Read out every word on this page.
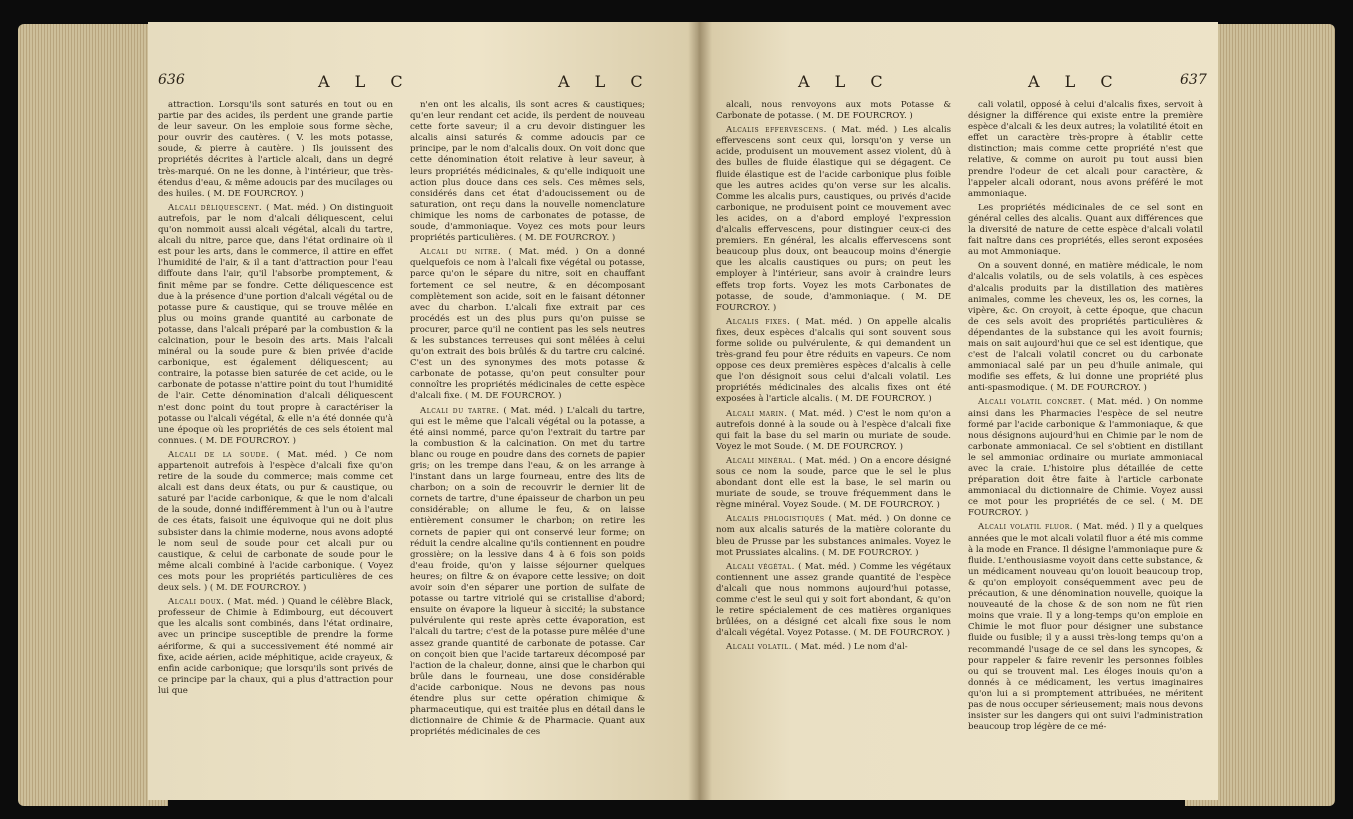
636	A L C	A L C

attraction. Lorsqu'ils sont saturés en tout ou en partie par des acides, ils perdent une grande partie de leur saveur. On les emploie sous forme sèche, pour ouvrir des cautères. ( V. les mots potasse, soude, & pierre à cautère. ) Ils jouissent des propriétés décrites à l'article alcali, dans un degré très-marqué. On ne les donne, à l'intérieur, que très-étendus d'eau, & même adoucis par des mucilages ou des huiles. ( M. DE FOURCROY. )

Alcali déliquescent. ( Mat. méd. ) On distinguoit autrefois, par le nom d'alcali déliquescent, celui qu'on nommoit aussi alcali végétal, alcali du tartre, alcali du nitre, parce que, dans l'état ordinaire où il est pour les arts, dans le commerce, il attire en effet l'humidité de l'air, & il a tant d'attraction pour l'eau diffoute dans l'air, qu'il l'absorbe promptement, & finit même par se fondre. Cette déliquescence est due à la présence d'une portion d'alcali végétal ou de potasse pure & caustique, qui se trouve mêlée en plus ou moins grande quantité au carbonate de potasse, dans l'alcali préparé par la combustion & la calcination, pour le besoin des arts. Mais l'alcali minéral ou la soude pure & bien privée d'acide carbonique, est également déliquescent; au contraire, la potasse bien saturée de cet acide, ou le carbonate de potasse n'attire point du tout l'humidité de l'air. Cette dénomination d'alcali déliquescent n'est donc point du tout propre à caractériser la potasse ou l'alcali végétal, & elle n'a été donnée qu'à une époque où les propriétés de ces sels étoient mal connues. ( M. DE FOURCROY. )

Alcali de la soude. ( Mat. méd. ) Ce nom appartenoit autrefois à l'espèce d'alcali fixe qu'on retire de la soude du commerce; mais comme cet alcali est dans deux états, ou pur & caustique, ou saturé par l'acide carbonique, & que le nom d'alcali de la soude, donné indifféremment à l'un ou à l'autre de ces états, faisoit une équivoque qui ne doit plus subsister dans la chimie moderne, nous avons adopté le nom seul de soude pour cet alcali pur ou caustique, & celui de carbonate de soude pour le même alcali combiné à l'acide carbonique. ( Voyez ces mots pour les propriétés particulières de ces deux sels. ) ( M. DE FOURCROY. )

Alcali doux. ( Mat. méd. ) Quand le célèbre Black, professeur de Chimie à Edimbourg, eut découvert que les alcalis sont combinés, dans l'état ordinaire, avec un principe susceptible de prendre la forme aériforme, & qui a successivement été nommé air fixe, acide aérien, acide méphitique, acide crayeux, & enfin acide carbonique; que lorsqu'ils sont privés de ce principe par la chaux, qui a plus d'attraction pour lui que

n'en ont les alcalis, ils sont acres & caustiques; qu'en leur rendant cet acide, ils perdent de nouveau cette forte saveur; il a cru devoir distinguer les alcalis ainsi saturés & comme adoucis par ce principe, par le nom d'alcalis doux. On voit donc que cette dénomination étoit relative à leur saveur, à leurs propriétés médicinales, & qu'elle indiquoit une action plus douce dans ces sels. Ces mêmes sels, considérés dans cet état d'adoucissement ou de saturation, ont reçu dans la nouvelle nomenclature chimique les noms de carbonates de potasse, de soude, d'ammoniaque. Voyez ces mots pour leurs propriétés particulières. ( M. DE FOURCROY. )

Alcali du nitre. ( Mat. méd. ) On a donné quelquefois ce nom à l'alcali fixe végétal ou potasse, parce qu'on le sépare du nitre, soit en chauffant fortement ce sel neutre, & en décomposant complètement son acide, soit en le faisant détonner avec du charbon. L'alcali fixe extrait par ces procédés est un des plus purs qu'on puisse se procurer, parce qu'il ne contient pas les sels neutres & les substances terreuses qui sont mêlées à celui qu'on extrait des bois brûlés & du tartre cru calciné. C'est un des synonymes des mots potasse & carbonate de potasse, qu'on peut consulter pour connoître les propriétés médicinales de cette espèce d'alcali fixe. ( M. DE FOURCROY. )

Alcali du tartre. ( Mat. méd. ) L'alcali du tartre, qui est le même que l'alcali végétal ou la potasse, a été ainsi nommé, parce qu'on l'extrait du tartre par la combustion & la calcination. On met du tartre blanc ou rouge en poudre dans des cornets de papier gris; on les trempe dans l'eau, & on les arrange à l'instant dans un large fourneau, entre des lits de charbon; on a soin de recouvrir le dernier lit de cornets de tartre, d'une épaisseur de charbon un peu considérable; on allume le feu, & on laisse entièrement consumer le charbon; on retire les cornets de papier qui ont conservé leur forme; on réduit la cendre alcaline qu'ils contiennent en poudre grossière; on la lessive dans 4 à 6 fois son poids d'eau froide, qu'on y laisse séjourner quelques heures; on filtre & on évapore cette lessive; on doit avoir soin d'en séparer une portion de sulfate de potasse ou tartre vitriolé qui se cristallise d'abord; ensuite on évapore la liqueur à siccité; la substance pulvérulente qui reste après cette évaporation, est l'alcali du tartre; c'est de la potasse pure mêlée d'une assez grande quantité de carbonate de potasse. Car on conçoit bien que l'acide tartareux décomposé par l'action de la chaleur, donne, ainsi que le charbon qui brûle dans le fourneau, une dose considérable d'acide carbonique. Nous ne devons pas nous étendre plus sur cette opération chimique & pharmaceutique, qui est traitée plus en détail dans le dictionnaire de Chimie & de Pharmacie. Quant aux propriétés médicinales de ces

A L C	A L C	637

alcali, nous renvoyons aux mots Potasse & Carbonate de potasse. ( M. DE FOURCROY. )

Alcalis effervescens. ( Mat. méd. ) Les alcalis effervescens sont ceux qui, lorsqu'on y verse un acide, produisent un mouvement assez violent, dû à des bulles de fluide élastique qui se dégagent. Ce fluide élastique est de l'acide carbonique plus foible que les autres acides qu'on verse sur les alcalis. Comme les alcalis purs, caustiques, ou privés d'acide carbonique, ne produisent point ce mouvement avec les acides, on a d'abord employé l'expression d'alcalis effervescens, pour distinguer ceux-ci des premiers. En général, les alcalis effervescens sont beaucoup plus doux, ont beaucoup moins d'énergie que les alcalis caustiques ou purs; on peut les employer à l'intérieur, sans avoir à craindre leurs effets trop forts. Voyez les mots Carbonates de potasse, de soude, d'ammoniaque. ( M. DE FOURCROY. )

Alcalis fixes. ( Mat. méd. ) On appelle alcalis fixes, deux espèces d'alcalis qui sont souvent sous forme solide ou pulvérulente, & qui demandent un très-grand feu pour être réduits en vapeurs. Ce nom oppose ces deux premières espèces d'alcalis à celle que l'on désignoit sous celui d'alcali volatil. Les propriétés médicinales des alcalis fixes ont été exposées à l'article alcalis. ( M. DE FOURCROY. )

Alcali marin. ( Mat. méd. ) C'est le nom qu'on a autrefois donné à la soude ou à l'espèce d'alcali fixe qui fait la base du sel marin ou muriate de soude. Voyez le mot Soude. ( M. DE FOURCROY. )

Alcali minéral. ( Mat. méd. ) On a encore désigné sous ce nom la soude, parce que le sel le plus abondant dont elle est la base, le sel marin ou muriate de soude, se trouve fréquemment dans le règne minéral. Voyez Soude. ( M. DE FOURCROY. )

Alcalis phlogistiqués ( Mat. méd. ) On donne ce nom aux alcalis saturés de la matière colorante du bleu de Prusse par les substances animales. Voyez le mot Prussiates alcalins. ( M. DE FOURCROY. )

Alcali végétal. ( Mat. méd. ) Comme les végétaux contiennent une assez grande quantité de l'espèce d'alcali que nous nommons aujourd'hui potasse, comme c'est le seul qui y soit fort abondant, & qu'on le retire spécialement de ces matières organiques brûlées, on a désigné cet alcali fixe sous le nom d'alcali végétal. Voyez Potasse. ( M. DE FOURCROY. )

Alcali volatil. ( Mat. méd. ) Le nom d'al-

cali volatil, opposé à celui d'alcalis fixes, servoit à désigner la différence qui existe entre la première espèce d'alcali & les deux autres; la volatilité étoit en effet un caractère très-propre à établir cette distinction; mais comme cette propriété n'est que relative, & comme on auroit pu tout aussi bien prendre l'odeur de cet alcali pour caractère, & l'appeler alcali odorant, nous avons préféré le mot ammoniaque.

Les propriétés médicinales de ce sel sont en général celles des alcalis. Quant aux différences que la diversité de nature de cette espèce d'alcali volatil fait naître dans ces propriétés, elles seront exposées au mot Ammoniaque.

On a souvent donné, en matière médicale, le nom d'alcalis volatils, ou de sels volatils, à ces espèces d'alcalis produits par la distillation des matières animales, comme les cheveux, les os, les cornes, la vipère, &c. On croyoit, à cette époque, que chacun de ces sels avoit des propriétés particulières & dépendantes de la substance qui les avoit fournis; mais on sait aujourd'hui que ce sel est identique, que c'est de l'alcali volatil concret ou du carbonate ammoniacal salé par un peu d'huile animale, qui modifie ses effets, & lui donne une propriété plus anti-spasmodique. ( M. DE FOURCROY. )

Alcali volatil concret. ( Mat. méd. ) On nomme ainsi dans les Pharmacies l'espèce de sel neutre formé par l'acide carbonique & l'ammoniaque, & que nous désignons aujourd'hui en Chimie par le nom de carbonate ammoniacal. Ce sel s'obtient en distillant le sel ammoniac ordinaire ou muriate ammoniacal avec la craie. L'histoire plus détaillée de cette préparation doit être faite à l'article carbonate ammoniacal du dictionnaire de Chimie. Voyez aussi ce mot pour les propriétés de ce sel. ( M. DE FOURCROY. )

Alcali volatil fluor. ( Mat. méd. ) Il y a quelques années que le mot alcali volatil fluor a été mis comme à la mode en France. Il désigne l'ammoniaque pure & fluide. L'enthousiasme voyoit dans cette substance, & un médicament nouveau qu'on louoit beaucoup trop, & qu'on employoit conséquemment avec peu de précaution, & une dénomination nouvelle, quoique la nouveauté de la chose & de son nom ne fût rien moins que vraie. Il y a long-temps qu'on emploie en Chimie le mot fluor pour désigner une substance fluide ou fusible; il y a aussi très-long temps qu'on a recommandé l'usage de ce sel dans les syncopes, & pour rappeler & faire revenir les personnes foibles ou qui se trouvent mal. Les éloges inouis qu'on a donnés à ce médicament, les vertus imaginaires qu'on lui a si promptement attribuées, ne méritent pas de nous occuper sérieusement; mais nous devons insister sur les dangers qui ont suivi l'administration beaucoup trop légère de ce mé-
